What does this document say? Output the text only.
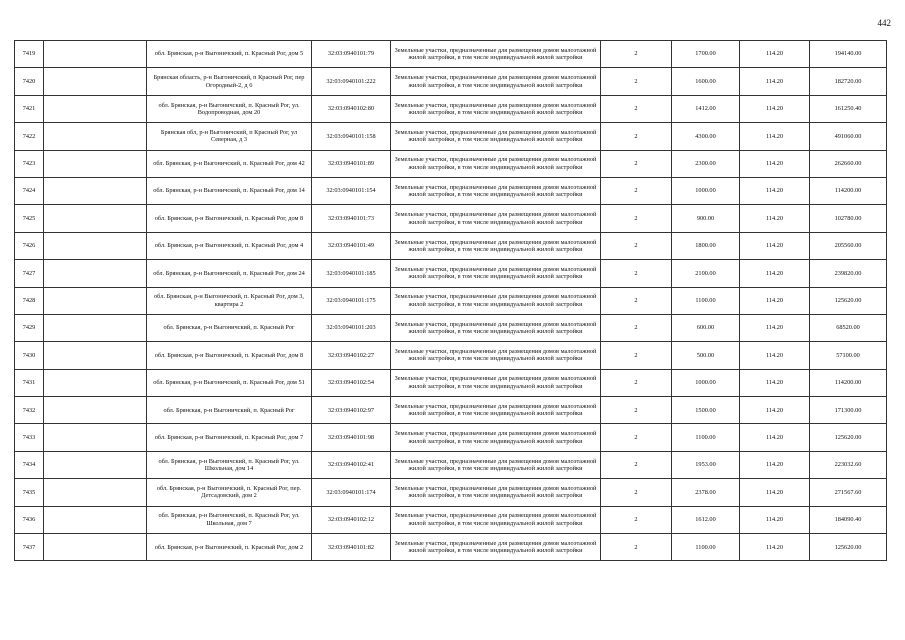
442
7419		обл. Брянская, р-н Выгоничский, п. Красный Рог, дом 5	32:03:0940101:79	Земельные участки, предназначенные для размещения домов малоэтажной жилой застройки, в том числе индивидуальной жилой застройки	2	1700.00	114.20	194140.00
7420		Брянская область, р-н Выгоничский, п Красный Рог, пер Огородный-2, д 6	32:03:0940101:222	Земельные участки, предназначенные для размещения домов малоэтажной жилой застройки, в том числе индивидуальной жилой застройки	2	1600.00	114.20	182720.00
7421		обл. Брянская, р-н Выгоничский, п. Красный Рог, ул. Водопроводная, дом 20	32:03:0940102:80	Земельные участки, предназначенные для размещения домов малоэтажной жилой застройки, в том числе индивидуальной жилой застройки	2	1412.00	114.20	161250.40
7422		Брянская обл, р-н Выгоничский, п Красный Рог, ул Северная, д 3	32:03:0940101:158	Земельные участки, предназначенные для размещения домов малоэтажной жилой застройки, в том числе индивидуальной жилой застройки	2	4300.00	114.20	491060.00
7423		обл. Брянская, р-н Выгоничский, п. Красный Рог, дом 42	32:03:0940101:89	Земельные участки, предназначенные для размещения домов малоэтажной жилой застройки, в том числе индивидуальной жилой застройки	2	2300.00	114.20	262660.00
7424		обл. Брянская, р-н Выгоничский, п. Красный Рог, дом 14	32:03:0940101:154	Земельные участки, предназначенные для размещения домов малоэтажной жилой застройки, в том числе индивидуальной жилой застройки	2	1000.00	114.20	114200.00
7425		обл. Брянская, р-н Выгоничский, п. Красный Рог, дом 8	32:03:0940101:73	Земельные участки, предназначенные для размещения домов малоэтажной жилой застройки, в том числе индивидуальной жилой застройки	2	900.00	114.20	102780.00
7426		обл. Брянская, р-н Выгоничский, п. Красный Рог, дом 4	32:03:0940101:49	Земельные участки, предназначенные для размещения домов малоэтажной жилой застройки, в том числе индивидуальной жилой застройки	2	1800.00	114.20	205560.00
7427		обл. Брянская, р-н Выгоничский, п. Красный Рог, дом 24	32:03:0940101:185	Земельные участки, предназначенные для размещения домов малоэтажной жилой застройки, в том числе индивидуальной жилой застройки	2	2100.00	114.20	239820.00
7428		обл. Брянская, р-н Выгоничский, п. Красный Рог, дом 3, квартира 2	32:03:0940101:175	Земельные участки, предназначенные для размещения домов малоэтажной жилой застройки, в том числе индивидуальной жилой застройки	2	1100.00	114.20	125620.00
7429		обл. Брянская, р-н Выгоничский, п. Красный Рог	32:03:0940101:203	Земельные участки, предназначенные для размещения домов малоэтажной жилой застройки, в том числе индивидуальной жилой застройки	2	600.00	114.20	68520.00
7430		обл. Брянская, р-н Выгоничский, п. Красный Рог, дом 8	32:03:0940102:27	Земельные участки, предназначенные для размещения домов малоэтажной жилой застройки, в том числе индивидуальной жилой застройки	2	500.00	114.20	57100.00
7431		обл. Брянская, р-н Выгоничский, п. Красный Рог, дом 51	32:03:0940102:54	Земельные участки, предназначенные для размещения домов малоэтажной жилой застройки, в том числе индивидуальной жилой застройки	2	1000.00	114.20	114200.00
7432		обл. Брянская, р-н Выгоничский, п. Красный Рог	32:03:0940102:97	Земельные участки, предназначенные для размещения домов малоэтажной жилой застройки, в том числе индивидуальной жилой застройки	2	1500.00	114.20	171300.00
7433		обл. Брянская, р-н Выгоничский, п. Красный Рог, дом 7	32:03:0940101:98	Земельные участки, предназначенные для размещения домов малоэтажной жилой застройки, в том числе индивидуальной жилой застройки	2	1100.00	114.20	125620.00
7434		обл. Брянская, р-н Выгоничский, п. Красный Рог, ул. Школьная, дом 14	32:03:0940102:41	Земельные участки, предназначенные для размещения домов малоэтажной жилой застройки, в том числе индивидуальной жилой застройки	2	1953.00	114.20	223032.60
7435		обл. Брянская, р-н Выгоничский, п. Красный Рог, пер. Детсадовский, дом 2	32:03:0940101:174	Земельные участки, предназначенные для размещения домов малоэтажной жилой застройки, в том числе индивидуальной жилой застройки	2	2378.00	114.20	271567.60
7436		обл. Брянская, р-н Выгоничский, п. Красный Рог, ул. Школьная, дом 7	32:03:0940102:12	Земельные участки, предназначенные для размещения домов малоэтажной жилой застройки, в том числе индивидуальной жилой застройки	2	1612.00	114.20	184090.40
7437		обл. Брянская, р-н Выгоничский, п. Красный Рог, дом 2	32:03:0940101:82	Земельные участки, предназначенные для размещения домов малоэтажной жилой застройки, в том числе индивидуальной жилой застройки	2	1100.00	114.20	125620.00
